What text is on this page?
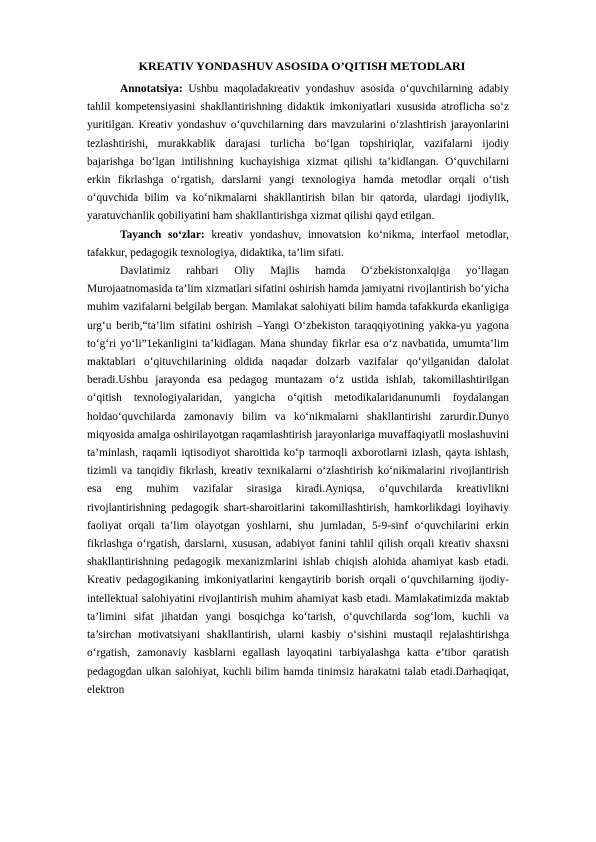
KREATIV YONDASHUV ASOSIDA O’QITISH METODLARI

Annotatsiya: Ushbu maqoladakreativ yondashuv asosida o‘quvchilarning adabiy tahlil kompetensiyasini shakllantirishning didaktik imkoniyatlari xususida atroflicha so‘z yuritilgan. Kreativ yondashuv o‘quvchilarning dars mavzularini o‘zlashtirish jarayonlarini tezlashtirishi, murakkablik darajasi turlicha bo‘lgan topshiriqlar, vazifalarni ijodiy bajarishga bo‘lgan intilishning kuchayishiga xizmat qilishi ta’kidlangan. O‘quvchilarni erkin fikrlashga o‘rgatish, darslarni yangi texnologiya hamda metodlar orqali o‘tish o‘quvchida bilim va ko‘nikmalarni shakllantirish bilan bir qatorda, ulardagi ijodiylik, yaratuvchanlik qobiliyatini ham shakllantirishga xizmat qilishi qayd etilgan.

Tayanch so‘zlar: kreativ yondashuv, innovatsion ko‘nikma, interfaol metodlar, tafakkur, pedagogik texnologiya, didaktika, ta’lim sifati.

Davlatimiz rahbari Oliy Majlis hamda O‘zbekistonxalqiga yo‘llagan Murojaatnomasida ta’lim xizmatlari sifatini oshirish hamda jamiyatni rivojlantirish bo‘yicha muhim vazifalarni belgilab bergan. Mamlakat salohiyati bilim hamda tafakkurda ekanligiga urg‘u berib,“ta’lim sifatini oshirish –Yangi O‘zbekiston taraqqiyotining yakka-yu yagona to‘g‘ri yo‘li”1ekanligini ta’kidlagan. Mana shunday fikrlar esa o‘z navbatida, umumta’lim maktablari o‘qituvchilarining oldida naqadar dolzarb vazifalar qo‘yilganidan dalolat beradi.Ushbu jarayonda esa pedagog muntazam o‘z ustida ishlab, takomillashtirilgan o‘qitish texnologiyalaridan, yangicha o‘qitish metodikalaridanunumli foydalangan holdao‘quvchilarda zamonaviy bilim va ko‘nikmalarni shakllantirishi zarurdir.Dunyo miqyosida amalga oshirilayotgan raqamlashtirish jarayonlariga muvaffaqiyatli moslashuvini ta’minlash, raqamli iqtisodiyot sharoitida ko‘p tarmoqli axborotlarni izlash, qayta ishlash, tizimli va tanqidiy fikrlash, kreativ texnikalarni o‘zlashtirish ko‘nikmalarini rivojlantirish esa eng muhim vazifalar sirasiga kiradi.Ayniqsa, o‘quvchilarda kreativlikni rivojlantirishning pedagogik shart-sharoitlarini takomillashtirish, hamkorlikdagi loyihaviy faoliyat orqali ta’lim olayotgan yoshlarni, shu jumladan, 5-9-sinf o‘quvchilarini erkin fikrlashga o‘rgatish, darslarni, xususan, adabiyot fanini tahlil qilish orqali kreativ shaxsni shakllantirishning pedagogik mexanizmlarini ishlab chiqish alohida ahamiyat kasb etadi. Kreativ pedagogikaning imkoniyatlarini kengaytirib borish orqali o‘quvchilarning ijodiy-intellektual salohiyatini rivojlantirish muhim ahamiyat kasb etadi. Mamlakatimizda maktab ta’limini sifat jihatdan yangi bosqichga ko‘tarish, o‘quvchilarda sog‘lom, kuchli va ta’sirchan motivatsiyani shakllantirish, ularni kasbiy o‘sishini mustaqil rejalashtirishga o‘rgatish, zamonaviy kasblarni egallash layoqatini tarbiyalashga katta e’tibor qaratish pedagogdan ulkan salohiyat, kuchli bilim hamda tinimsiz harakatni talab etadi.Darhaqiqat, elektron
